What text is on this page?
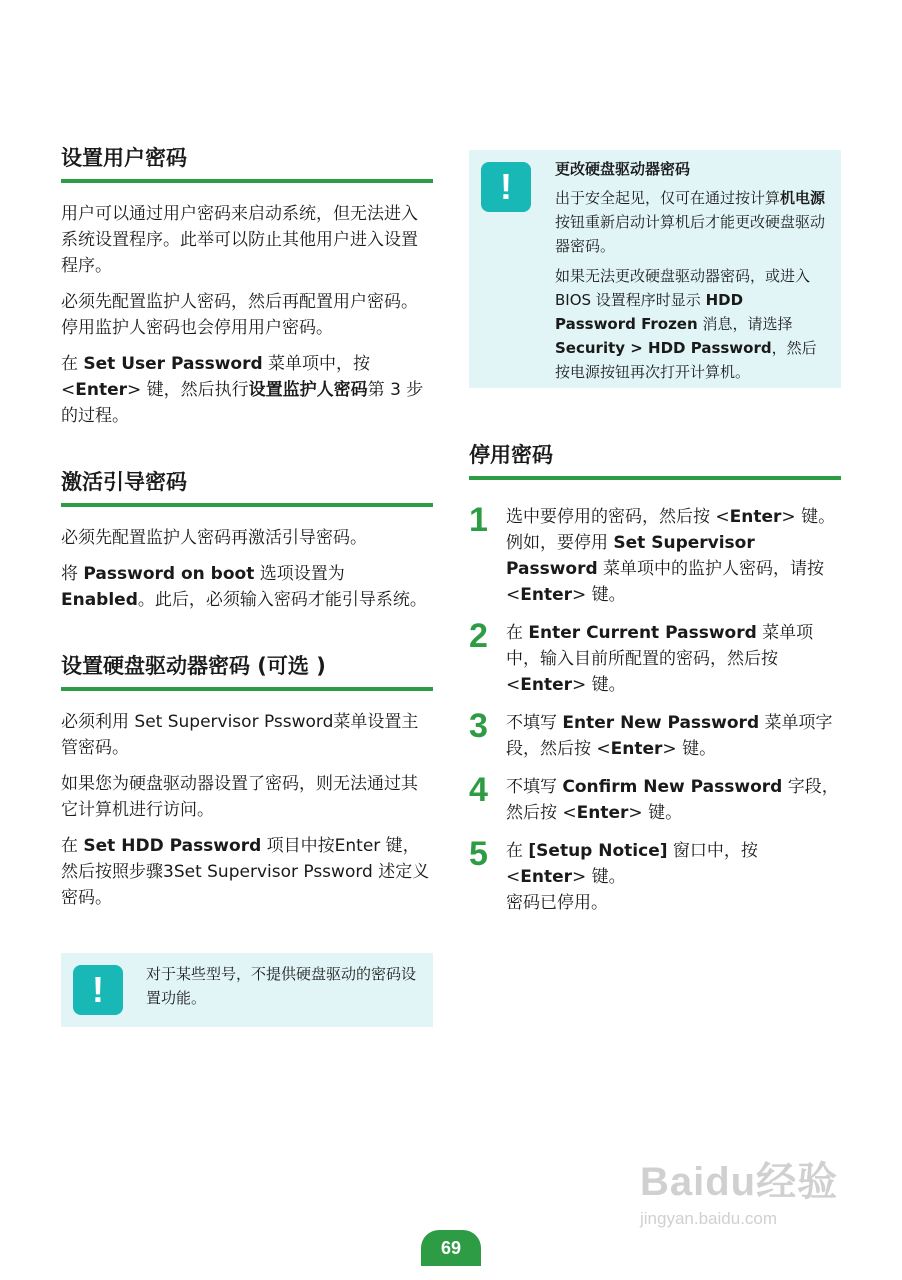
设置用户密码

用户可以通过用户密码来启动系统，但无法进入系统设置程序。此举可以防止其他用户进入设置程序。

必须先配置监护人密码，然后再配置用户密码。停用监护人密码也会停用用户密码。

在 Set User Password 菜单项中，按 <Enter> 键，然后执行设置监护人密码第 3 步的过程。

激活引导密码

必须先配置监护人密码再激活引导密码。

将 Password on boot 选项设置为 Enabled。此后，必须输入密码才能引导系统。

设置硬盘驱动器密码 (可选 )

必须利用 Set Supervisor Pssword菜单设置主管密码。

如果您为硬盘驱动器设置了密码，则无法通过其它计算机进行访问。

在 Set HDD Password 项目中按Enter 键，然后按照步骤3Set Supervisor Pssword 述定义密码。

!	对于某些型号，不提供硬盘驱动的密码设置功能。

!	更改硬盘驱动器密码

出于安全起见，仅可在通过按计算机电源按钮重新启动计算机后才能更改硬盘驱动器密码。

如果无法更改硬盘驱动器密码，或进入 BIOS 设置程序时显示 HDD Password Frozen 消息，请选择 Security > HDD Password，然后按电源按钮再次打开计算机。

停用密码
1	选中要停用的密码，然后按 <Enter> 键。例如，要停用 Set Supervisor Password 菜单项中的监护人密码，请按 <Enter> 键。
2	在 Enter Current Password 菜单项中，输入目前所配置的密码，然后按 <Enter> 键。
3	不填写 Enter New Password 菜单项字段，然后按 <Enter> 键。
4	不填写 Confirm New Password 字段，然后按 <Enter> 键。
5	在 [Setup Notice] 窗口中，按 <Enter> 键。
密码已停用。
Baidu经验
jingyan.baidu.com
69
